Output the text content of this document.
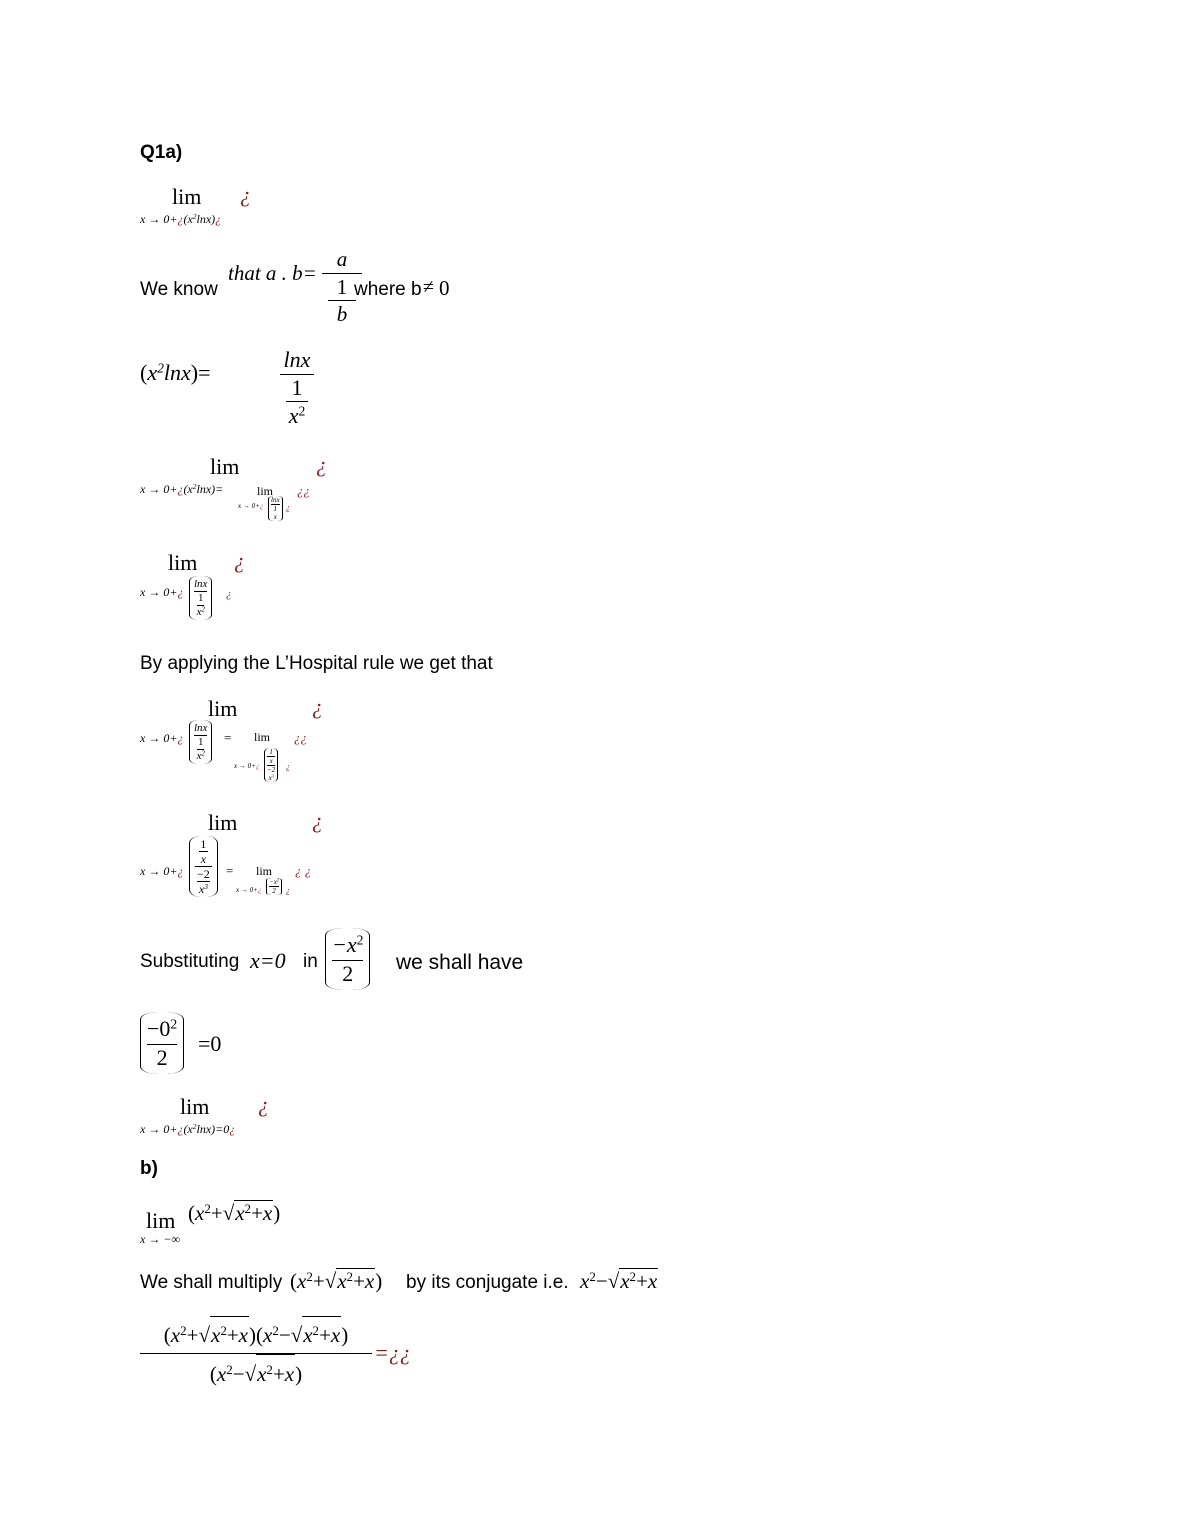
Q1a)
lim ¿
$x \to 0+¿(x^2\ln x)¿$
We know
that a . b=
a
1
b
where b ≠ 0
$(x^2\ln x)=$
lnx
1
$x^2$
lim	¿
$x \to 0+¿(x^2\ln x)=$	lim
x → 0+¿
lnx
1
x
¿
¿¿
lim ¿
x → 0+¿
lnx
1
$x^2$
¿
By applying the L’Hospital rule we get that
lim	¿
x → 0+¿
lnx
1
$x^2$
= lim
x → 0+¿
1
x
−2
$x^3$
¿
¿¿
lim	¿
x → 0+¿
1
x
−2
$x^3$
= lim
x → 0+¿
$-x^2$
2	¿
¿ ¿
Substituting x=0 in
$-x^2$
2	we shall have
$-0^2$
2
=0
lim ¿
$x \to 0+¿(x^2\ln x)=0¿$
b)
lim
x → −∞
$(x^2+√x^2+x)$
We shall multiply $(x^2+√x^2+x)$ by its conjugate i.e. $x^2-√x^2+x$
$(x^2+√x^2+x)(x^2-√x^2+x)$
$(x^2-√x^2+x)$
=¿¿
